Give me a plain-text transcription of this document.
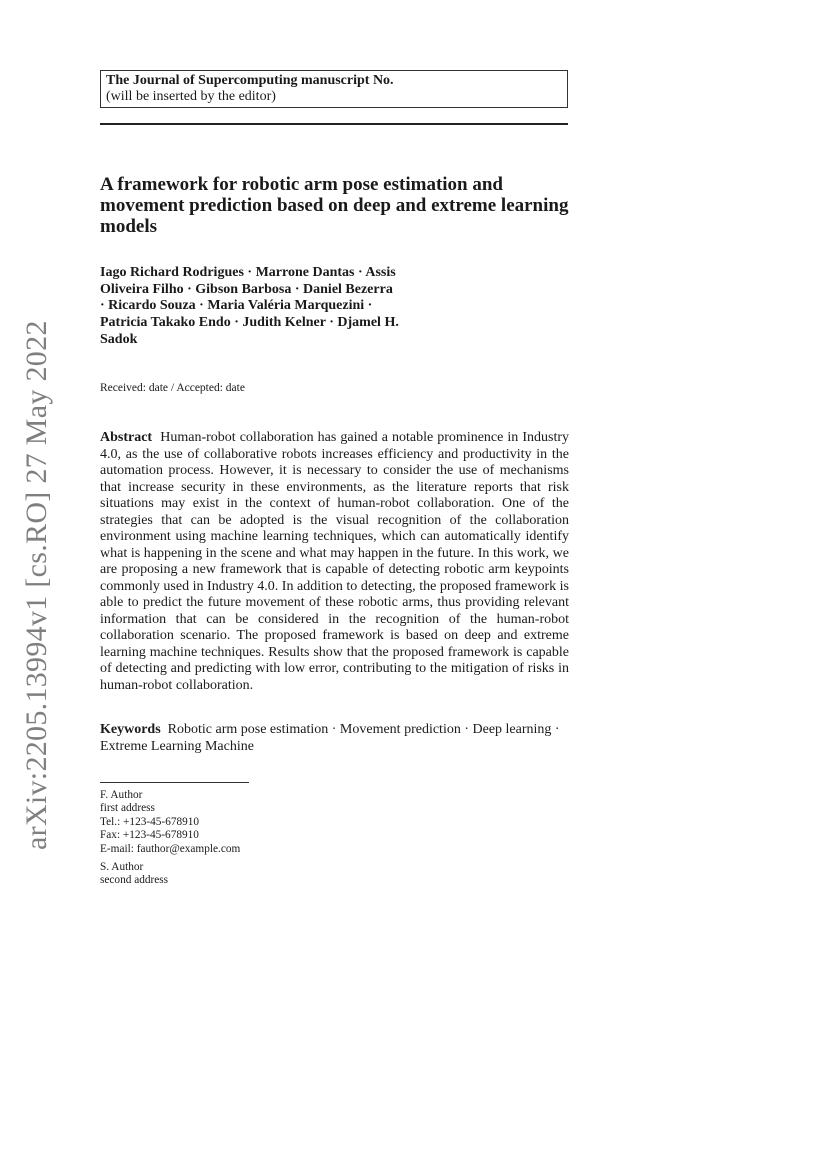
arXiv:2205.13994v1 [cs.RO] 27 May 2022
The Journal of Supercomputing manuscript No.
(will be inserted by the editor)
A framework for robotic arm pose estimation and movement prediction based on deep and extreme learning models
Iago Richard Rodrigues · Marrone Dantas · Assis Oliveira Filho · Gibson Barbosa · Daniel Bezerra · Ricardo Souza · Maria Valéria Marquezini · Patricia Takako Endo · Judith Kelner · Djamel H. Sadok
Received: date / Accepted: date
Abstract Human-robot collaboration has gained a notable prominence in Industry 4.0, as the use of collaborative robots increases efficiency and productivity in the automation process. However, it is necessary to consider the use of mechanisms that increase security in these environments, as the literature reports that risk situations may exist in the context of human-robot collaboration. One of the strategies that can be adopted is the visual recognition of the collaboration environment using machine learning techniques, which can automatically identify what is happening in the scene and what may happen in the future. In this work, we are proposing a new framework that is capable of detecting robotic arm keypoints commonly used in Industry 4.0. In addition to detecting, the proposed framework is able to predict the future movement of these robotic arms, thus providing relevant information that can be considered in the recognition of the human-robot collaboration scenario. The proposed framework is based on deep and extreme learning machine techniques. Results show that the proposed framework is capable of detecting and predicting with low error, contributing to the mitigation of risks in human-robot collaboration.
Keywords Robotic arm pose estimation · Movement prediction · Deep learning · Extreme Learning Machine
F. Author
first address
Tel.: +123-45-678910
Fax: +123-45-678910
E-mail: fauthor@example.com
S. Author
second address
